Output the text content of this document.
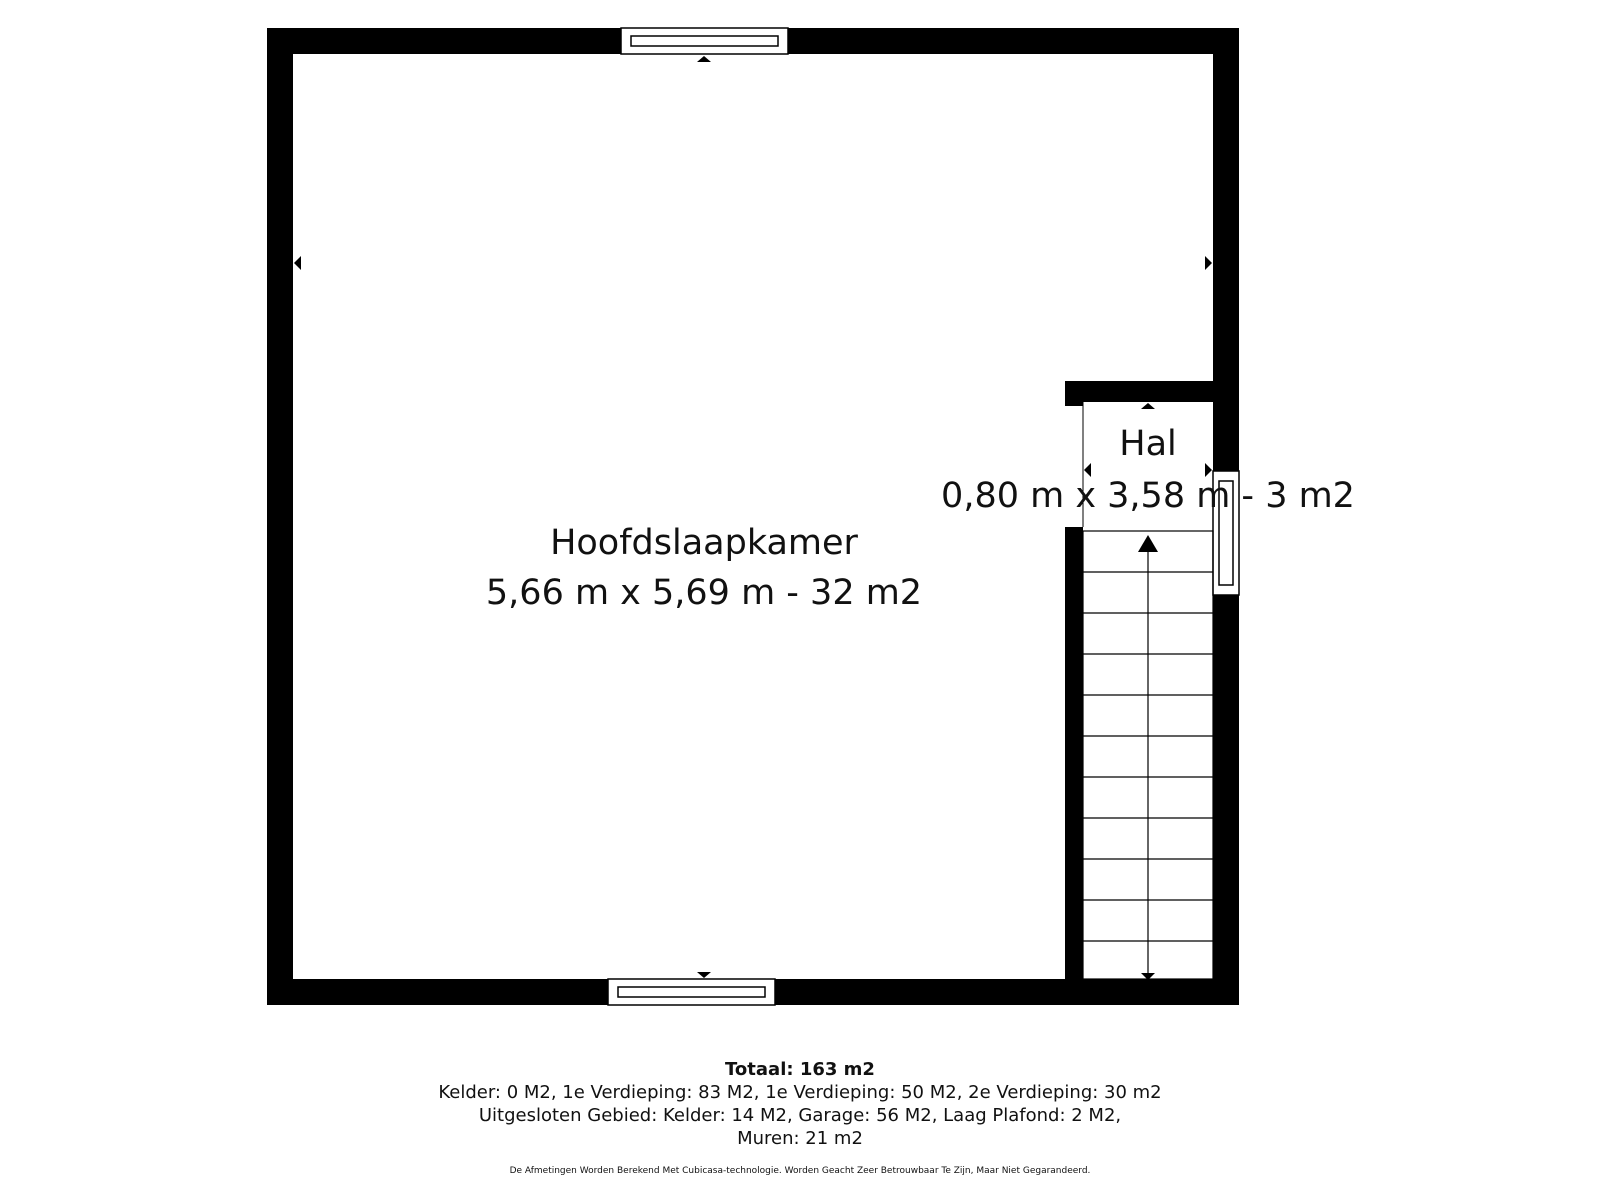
Hoofdslaapkamer
5,66 m x 5,69 m - 32 m2
Hal
0,80 m x 3,58 m - 3 m2
Totaal: 163 m2
Kelder: 0 M2, 1e Verdieping: 83 M2, 1e Verdieping: 50 M2, 2e Verdieping: 30 m2
Uitgesloten Gebied: Kelder: 14 M2, Garage: 56 M2, Laag Plafond: 2 M2,
Muren: 21 m2
De Afmetingen Worden Berekend Met Cubicasa-technologie. Worden Geacht Zeer Betrouwbaar Te Zijn, Maar Niet Gegarandeerd.
